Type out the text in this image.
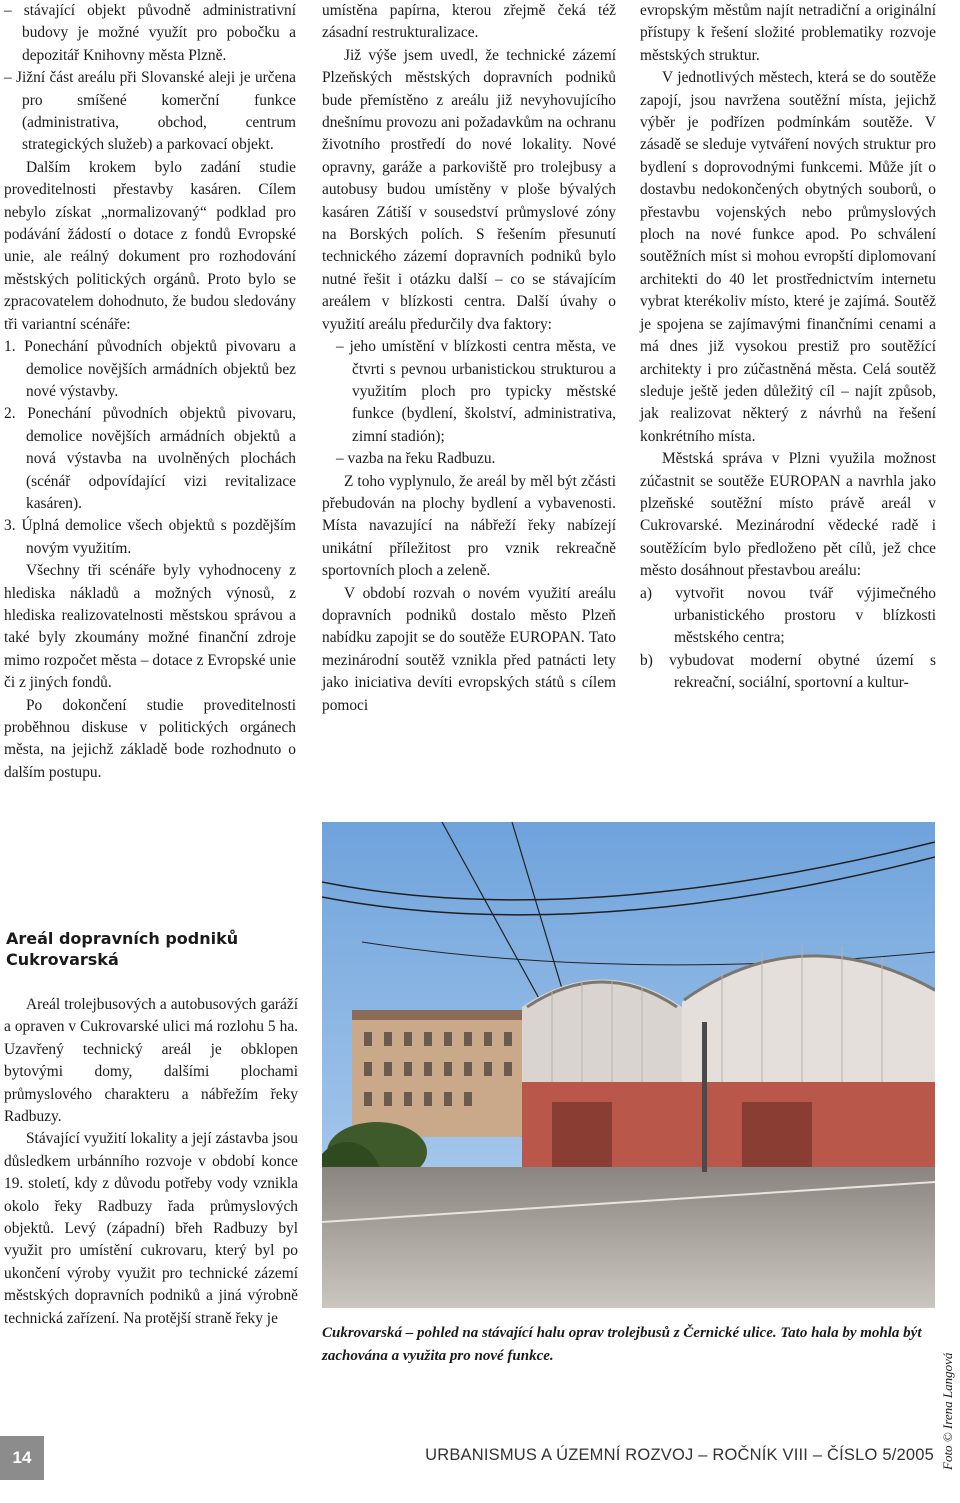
– stávající objekt původně administrativní budovy je možné využít pro pobočku a depozitář Knihovny města Plzně.

– Jižní část areálu při Slovanské aleji je určena pro smíšené komerční funkce (administrativa, obchod, centrum strategických služeb) a parkovací objekt.

Dalším krokem bylo zadání studie proveditelnosti přestavby kasáren. Cílem nebylo získat „normalizovaný“ podklad pro podávání žádostí o dotace z fondů Evropské unie, ale reálný dokument pro rozhodování městských politických orgánů. Proto bylo se zpracovatelem dohodnuto, že budou sledovány tři variantní scénáře:

1. Ponechání původních objektů pivovaru a demolice novějších armádních objektů bez nové výstavby.

2. Ponechání původních objektů pivovaru, demolice novějších armádních objektů a nová výstavba na uvolněných plochách (scénář odpovídající vizi revitalizace kasáren).

3. Úplná demolice všech objektů s pozdějším novým využitím.

Všechny tři scénáře byly vyhodnoceny z hlediska nákladů a možných výnosů, z hlediska realizovatelnosti městskou správou a také byly zkoumány možné finanční zdroje mimo rozpočet města – dotace z Evropské unie či z jiných fondů.

Po dokončení studie proveditelnosti proběhnou diskuse v politických orgánech města, na jejichž základě bode rozhodnuto o dalším postupu.

umístěna papírna, kterou zřejmě čeká též zásadní restrukturalizace.

Již výše jsem uvedl, že technické zázemí Plzeňských městských dopravních podniků bude přemístěno z areálu již nevyhovujícího dnešnímu provozu ani požadavkům na ochranu životního prostředí do nové lokality. Nové opravny, garáže a parkoviště pro trolejbusy a autobusy budou umístěny v ploše bývalých kasáren Zátiší v sousedství průmyslové zóny na Borských polích. S řešením přesunutí technického zázemí dopravních podniků bylo nutné řešit i otázku další – co se stávajícím areálem v blízkosti centra. Další úvahy o využití areálu předurčily dva faktory:

– jeho umístění v blízkosti centra města, ve čtvrti s pevnou urbanistickou strukturou a využitím ploch pro typicky městské funkce (bydlení, školství, administrativa, zimní stadión);

– vazba na řeku Radbuzu.

Z toho vyplynulo, že areál by měl být zčásti přebudován na plochy bydlení a vybavenosti. Místa navazující na nábřeží řeky nabízejí unikátní příležitost pro vznik rekreačně sportovních ploch a zeleně.

V období rozvah o novém využití areálu dopravních podniků dostalo město Plzeň nabídku zapojit se do soutěže EUROPAN. Tato mezinárodní soutěž vznikla před patnácti lety jako iniciativa devíti evropských států s cílem pomoci

evropským městům najít netradiční a originální přístupy k řešení složité problematiky rozvoje městských struktur.

V jednotlivých městech, která se do soutěže zapojí, jsou navržena soutěžní místa, jejichž výběr je podřízen podmínkám soutěže. V zásadě se sleduje vytváření nových struktur pro bydlení s doprovodnými funkcemi. Může jít o dostavbu nedokončených obytných souborů, o přestavbu vojenských nebo průmyslových ploch na nové funkce apod. Po schválení soutěžních míst si mohou evropští diplomovaní architekti do 40 let prostřednictvím internetu vybrat kterékoliv místo, které je zajímá. Soutěž je spojena se zajímavými finančními cenami a má dnes již vysokou prestiž pro soutěžící architekty i pro zúčastněná města. Celá soutěž sleduje ještě jeden důležitý cíl – najít způsob, jak realizovat některý z návrhů na řešení konkrétního místa.

Městská správa v Plzni využila možnost zúčastnit se soutěže EUROPAN a navrhla jako plzeňské soutěžní místo právě areál v Cukrovarské. Mezinárodní vědecké radě i soutěžícím bylo předloženo pět cílů, jež chce město dosáhnout přestavbou areálu:

a) vytvořit novou tvář výjimečného urbanistického prostoru v blízkosti městského centra;

b) vybudovat moderní obytné území s rekreační, sociální, sportovní a kultur-

Areál dopravních podniků
Cukrovarská

Areál trolejbusových a autobusových garáží a opraven v Cukrovarské ulici má rozlohu 5 ha. Uzavřený technický areál je obklopen bytovými domy, dalšími plochami průmyslového charakteru a nábřežím řeky Radbuzy.

Stávající využití lokality a její zástavba jsou důsledkem urbánního rozvoje v období konce 19. století, kdy z důvodu potřeby vody vznikla okolo řeky Radbuzy řada průmyslových objektů. Levý (západní) břeh Radbuzy byl využit pro umístění cukrovaru, který byl po ukončení výroby využit pro technické zázemí městských dopravních podniků a jiná výrobně technická zařízení. Na protější straně řeky je

Foto © Irena Langová
Cukrovarská – pohled na stávající halu oprav trolejbusů z Černické ulice. Tato hala by mohla být zachována a využita pro nové funkce.
14	URBANISMUS A ÚZEMNÍ ROZVOJ – ROČNÍK VIII – ČÍSLO 5/2005
